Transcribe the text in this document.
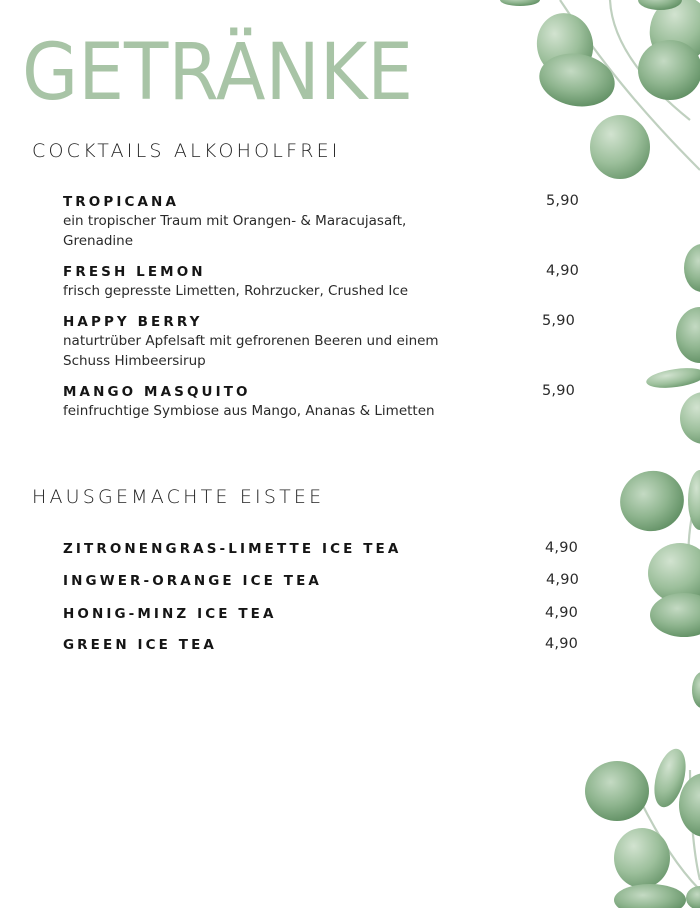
GETRÄNKE
COCKTAILS ALKOHOLFREI
TROPICANA
ein tropischer Traum mit Orangen- & Maracujasaft,
Grenadine
5,90
FRESH LEMON
frisch gepresste Limetten, Rohrzucker, Crushed Ice
4,90
HAPPY BERRY
naturtrüber Apfelsaft mit gefrorenen Beeren und einem
Schuss Himbeersirup
5,90
MANGO MASQUITO
feinfruchtige Symbiose aus Mango, Ananas & Limetten
5,90
HAUSGEMACHTE EISTEE
ZITRONENGRAS-LIMETTE ICE TEA	4,90
INGWER-ORANGE ICE TEA	4,90
HONIG-MINZ ICE TEA	4,90
GREEN ICE TEA	4,90
